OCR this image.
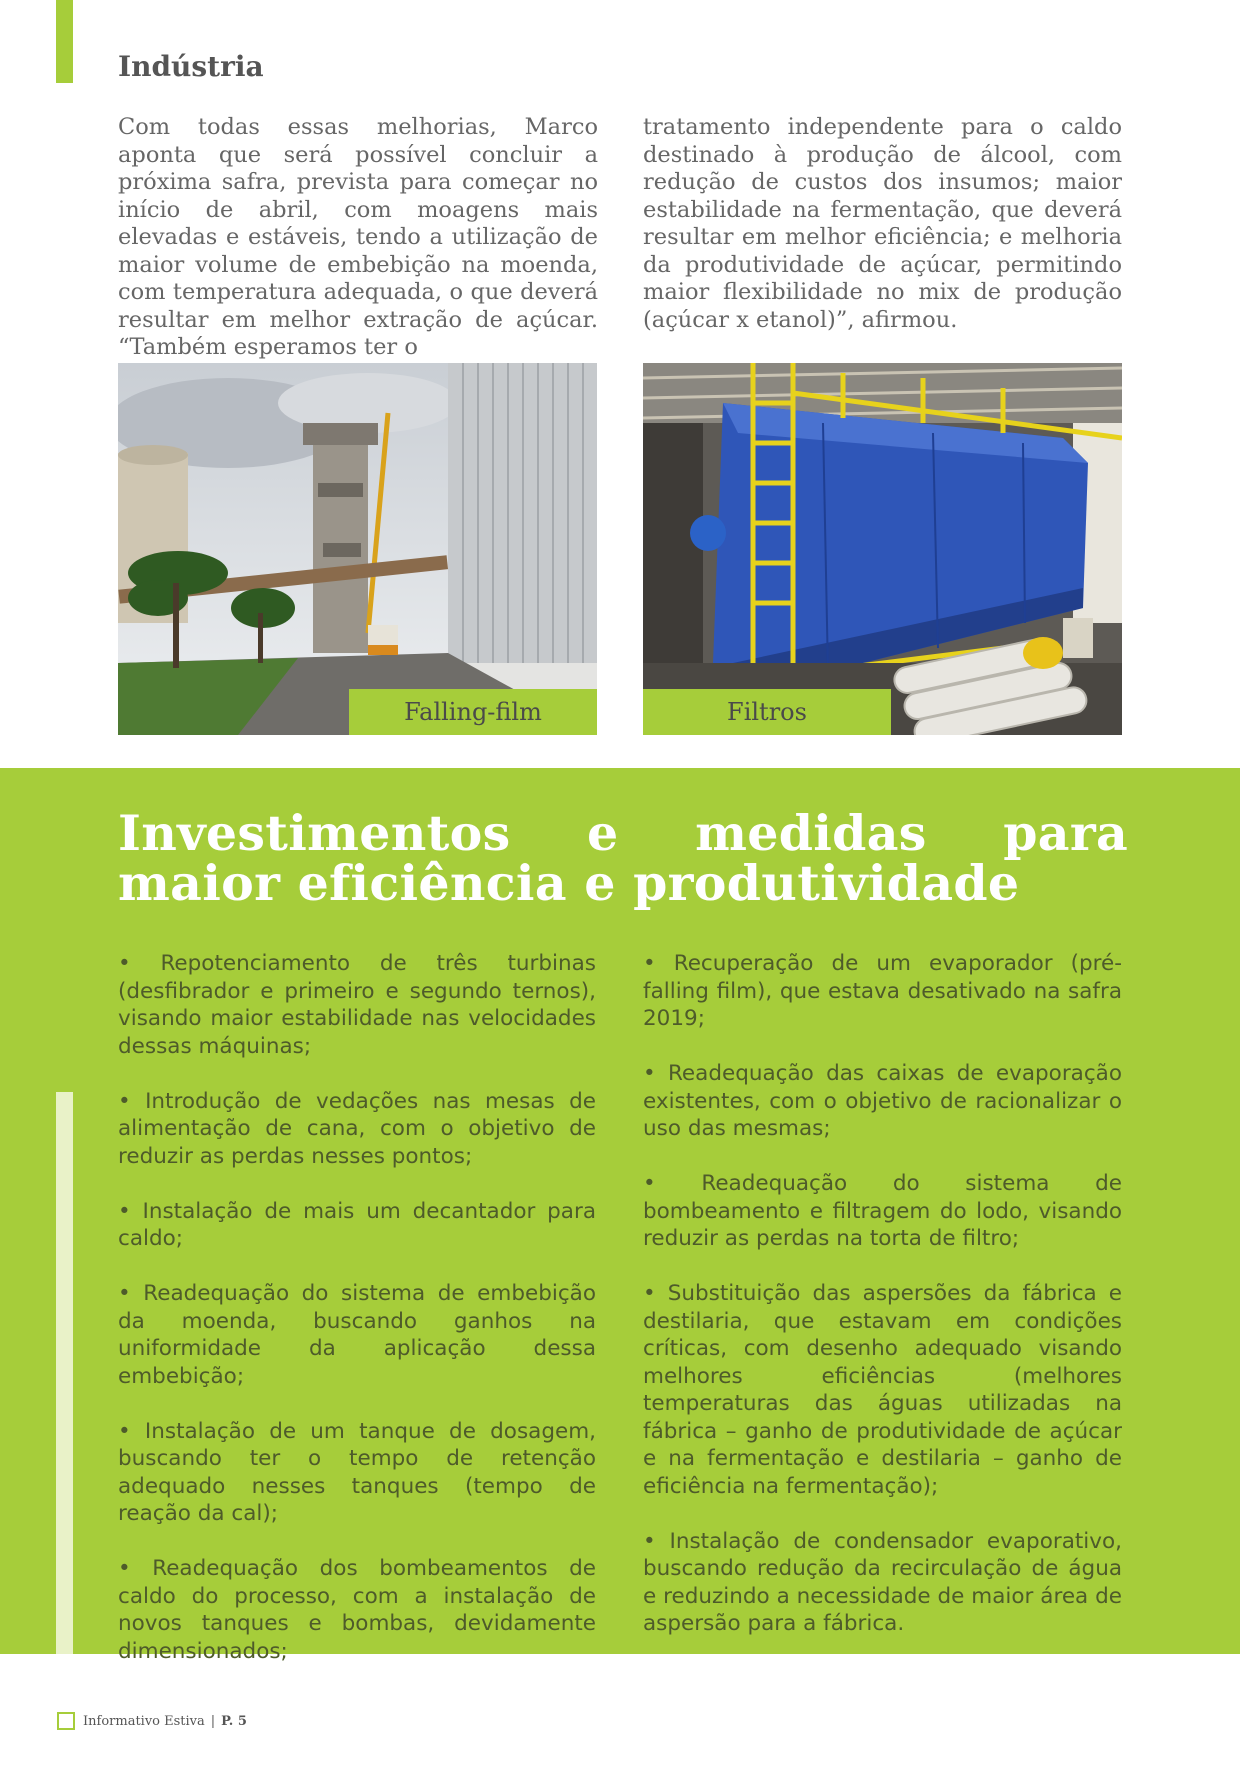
Indústria

Com todas essas melhorias, Marco aponta que será possível concluir a próxima safra, prevista para começar no início de abril, com moagens mais elevadas e estáveis, tendo a utilização de maior volume de embebição na moenda, com temperatura adequada, o que deverá resultar em melhor extração de açúcar. “Também esperamos ter o

tratamento independente para o caldo destinado à produção de álcool, com redução de custos dos insumos; maior estabilidade na fermentação, que deverá resultar em melhor eficiência; e melhoria da produtividade de açúcar, permitindo maior flexibilidade no mix de produção (açúcar x etanol)”, afirmou.

Falling-film	Filtros
Investimentos e medidas para maior eficiência e produtividade

• Repotenciamento de três turbinas (desfibrador e primeiro e segundo ternos), visando maior estabilidade nas velocidades dessas máquinas;

• Introdução de vedações nas mesas de alimentação de cana, com o objetivo de reduzir as perdas nesses pontos;

• Instalação de mais um decantador para caldo;

• Readequação do sistema de embebição da moenda, buscando ganhos na uniformidade da aplicação dessa embebição;

• Instalação de um tanque de dosagem, buscando ter o tempo de retenção adequado nesses tanques (tempo de reação da cal);

• Readequação dos bombeamentos de caldo do processo, com a instalação de novos tanques e bombas, devidamente dimensionados;

• Recuperação de um evaporador (pré-falling film), que estava desativado na safra 2019;

• Readequação das caixas de evaporação existentes, com o objetivo de racionalizar o uso das mesmas;

• Readequação do sistema de bombeamento e filtragem do lodo, visando reduzir as perdas na torta de filtro;

• Substituição das aspersões da fábrica e destilaria, que estavam em condições críticas, com desenho adequado visando melhores eficiências (melhores temperaturas das águas utilizadas na fábrica – ganho de produtividade de açúcar e na fermentação e destilaria – ganho de eficiência na fermentação);

• Instalação de condensador evaporativo, buscando redução da recirculação de água e reduzindo a necessidade de maior área de aspersão para a fábrica.

Informativo Estiva | P. 5
